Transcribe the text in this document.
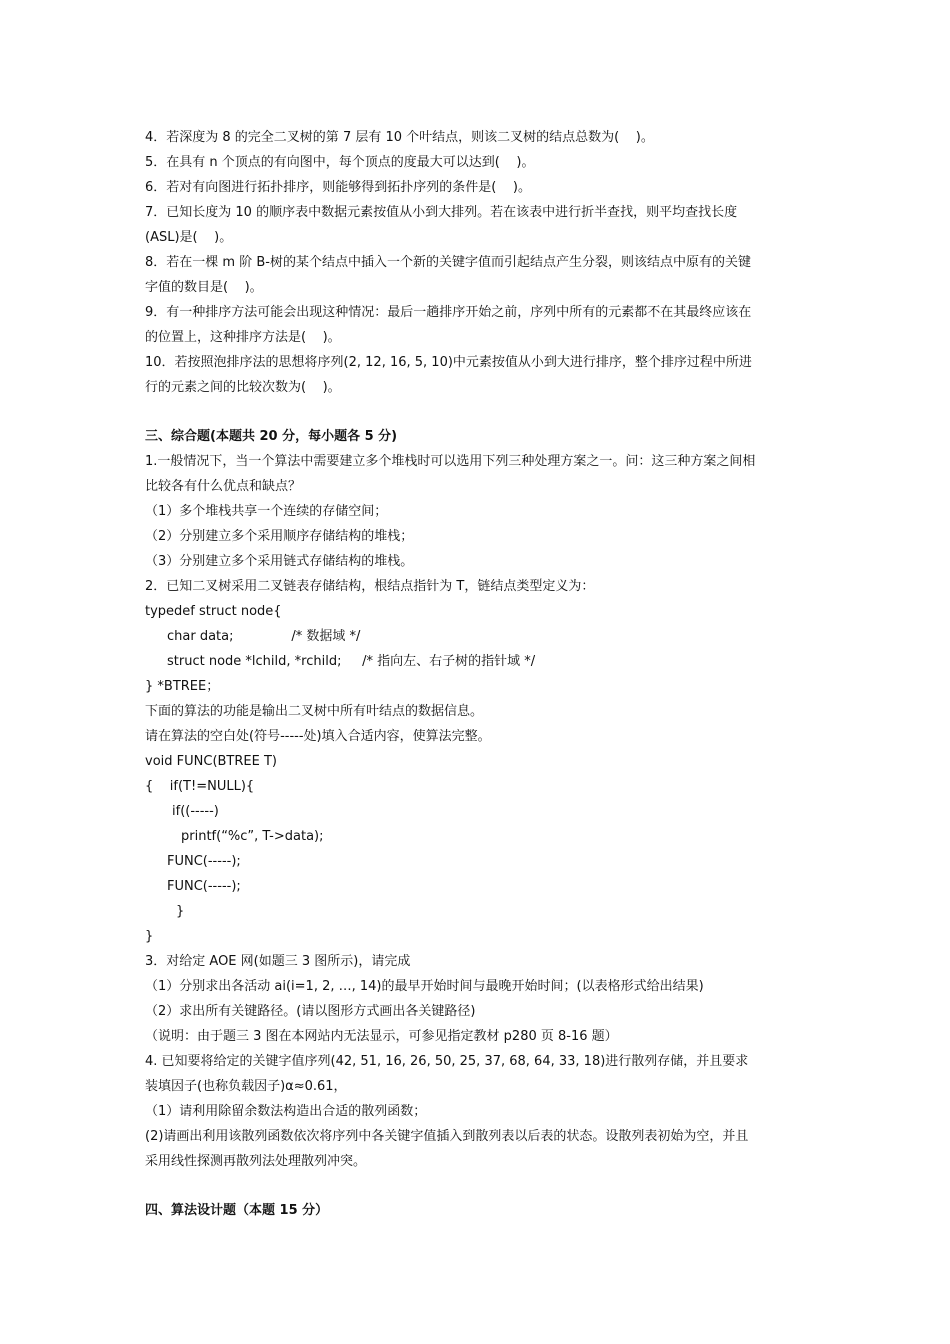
4．若深度为 8 的完全二叉树的第 7 层有 10 个叶结点，则该二叉树的结点总数为(    )。
5．在具有 n 个顶点的有向图中，每个顶点的度最大可以达到(    )。
6．若对有向图进行拓扑排序，则能够得到拓扑序列的条件是(    )。
7．已知长度为 10 的顺序表中数据元素按值从小到大排列。若在该表中进行折半查找，则平均查找长度
(ASL)是(    )。
8．若在一棵 m 阶 B-树的某个结点中插入一个新的关键字值而引起结点产生分裂，则该结点中原有的关键
字值的数目是(    )。
9．有一种排序方法可能会出现这种情况：最后一趟排序开始之前，序列中所有的元素都不在其最终应该在
的位置上，这种排序方法是(    )。
10．若按照泡排序法的思想将序列(2, 12, 16, 5, 10)中元素按值从小到大进行排序，整个排序过程中所进
行的元素之间的比较次数为(    )。
三、综合题(本题共 20 分，每小题各 5 分)
1.一般情况下，当一个算法中需要建立多个堆栈时可以选用下列三种处理方案之一。问：这三种方案之间相
比较各有什么优点和缺点？
（1）多个堆栈共享一个连续的存储空间；
（2）分别建立多个采用顺序存储结构的堆栈；
（3）分别建立多个采用链式存储结构的堆栈。
2．已知二叉树采用二叉链表存储结构，根结点指针为 T，链结点类型定义为：
typedef struct node{
char data;              /* 数据域 */
struct node *lchild, *rchild;     /* 指向左、右子树的指针域 */
} *BTREE；
下面的算法的功能是输出二叉树中所有叶结点的数据信息。
请在算法的空白处(符号-----处)填入合适内容，使算法完整。
void FUNC(BTREE T)
{    if(T!=NULL){
if((-----)
printf(“%c”, T->data);
FUNC(-----);
FUNC(-----);
}
}
3．对给定 AOE 网(如题三 3 图所示)，请完成
（1）分别求出各活动 ai(i=1, 2, …, 14)的最早开始时间与最晚开始时间；(以表格形式给出结果)
（2）求出所有关键路径。(请以图形方式画出各关键路径)
（说明：由于题三 3 图在本网站内无法显示，可参见指定教材 p280 页 8-16 题）
4. 已知要将给定的关键字值序列(42, 51, 16, 26, 50, 25, 37, 68, 64, 33, 18)进行散列存储，并且要求
装填因子(也称负载因子)α≈0.61，
（1）请利用除留余数法构造出合适的散列函数；
(2)请画出利用该散列函数依次将序列中各关键字值插入到散列表以后表的状态。设散列表初始为空，并且
采用线性探测再散列法处理散列冲突。
四、算法设计题（本题 15 分）
